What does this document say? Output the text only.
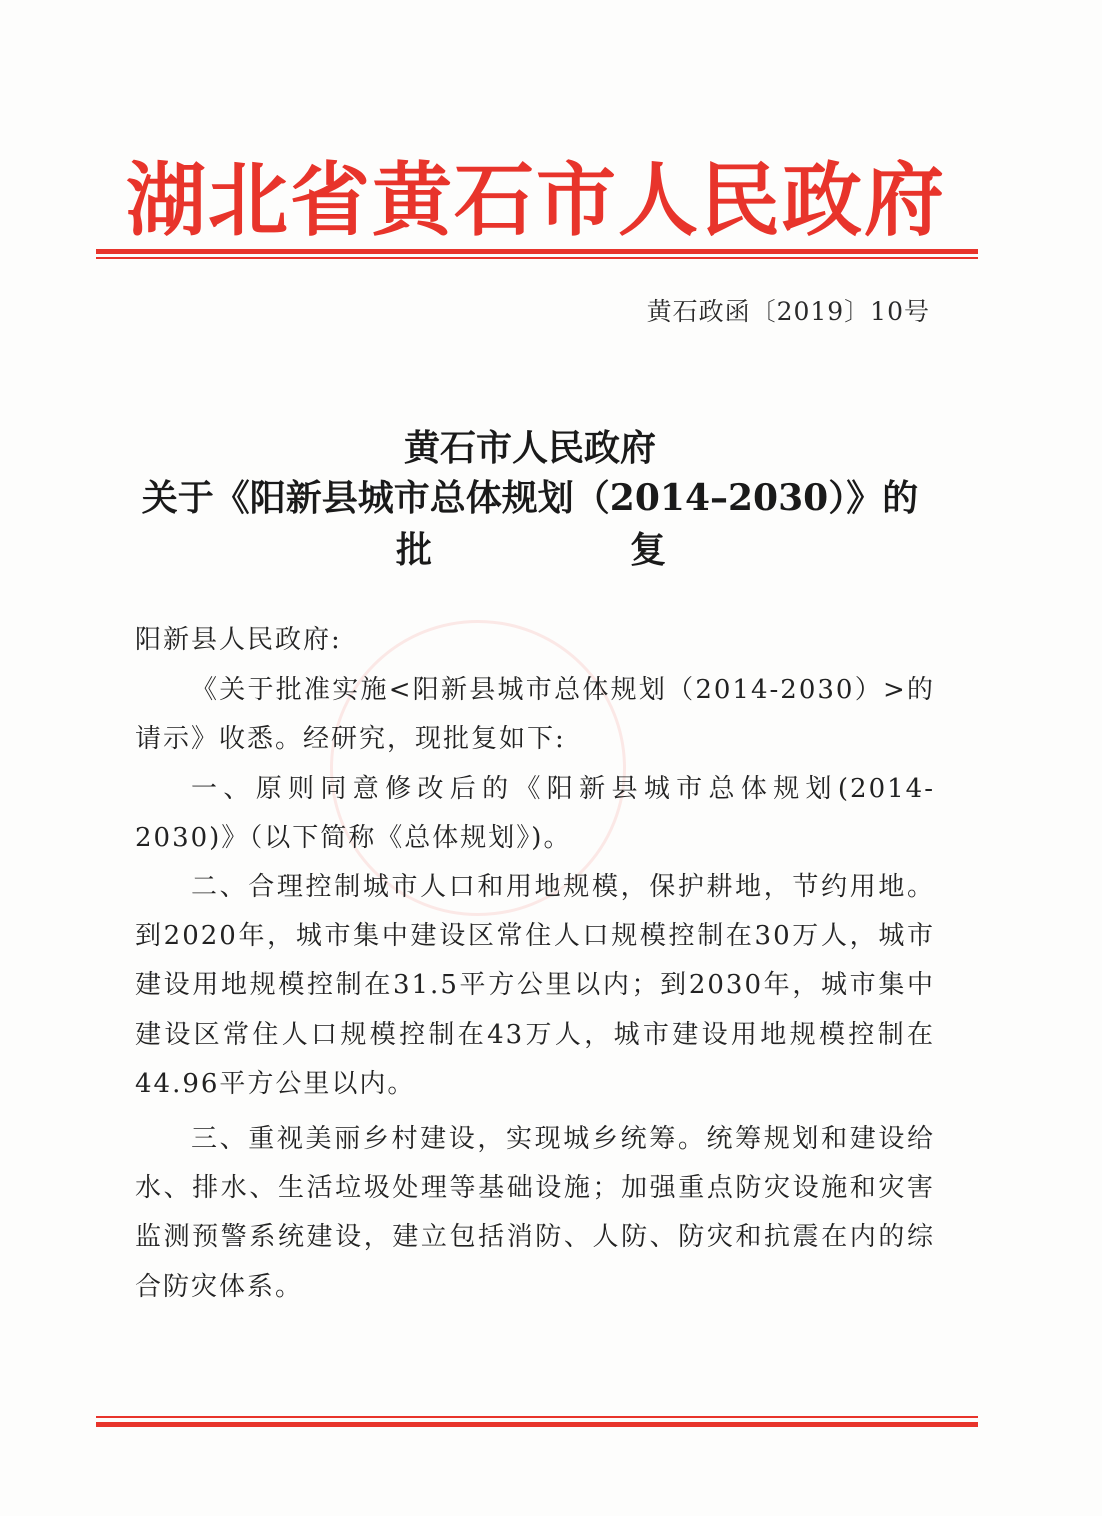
湖北省黄石市人民政府
黄石政函〔2019〕10号
黄石市人民政府
关于《阳新县城市总体规划（2014–2030）》的
批	复

阳新县人民政府:

《关于批准实施<阳新县城市总体规划（2014-2030）>的请示》收悉。经研究，现批复如下:

一、原则同意修改后的《阳新县城市总体规划(2014-2030)》（以下简称《总体规划》)。

二、合理控制城市人口和用地规模，保护耕地，节约用地。到2020年，城市集中建设区常住人口规模控制在30万人，城市建设用地规模控制在31.5平方公里以内；到2030年，城市集中建设区常住人口规模控制在43万人，城市建设用地规模控制在44.96平方公里以内。

三、重视美丽乡村建设，实现城乡统筹。统筹规划和建设给水、排水、生活垃圾处理等基础设施；加强重点防灾设施和灾害监测预警系统建设，建立包括消防、人防、防灾和抗震在内的综合防灾体系。
